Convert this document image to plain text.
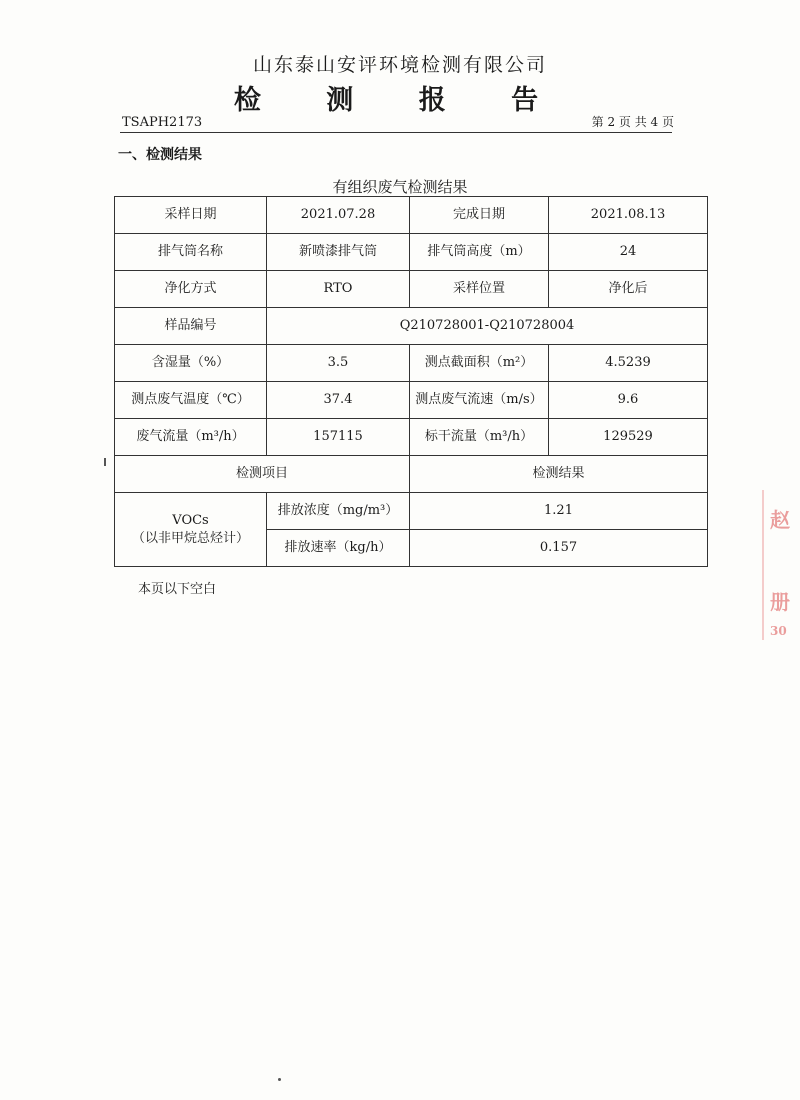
山东泰山安评环境检测有限公司
检 测 报 告
TSAPH2173	第 2 页 共 4 页
一、检测结果
有组织废气检测结果
采样日期	2021.07.28	完成日期	2021.08.13
排气筒名称	新喷漆排气筒	排气筒高度（m）	24
净化方式	RTO	采样位置	净化后
样品编号	Q210728001-Q210728004		
含湿量（%）	3.5	测点截面积（m²）	4.5239
测点废气温度（℃）	37.4	测点废气流速（m/s）	9.6
废气流量（m³/h）	157115	标干流量（m³/h）	129529
检测项目		检测结果	

VOCs
（以非甲烷总烃计）	排放浓度（mg/m³）	1.21	
	排放速率（kg/h）	0.157	
本页以下空白
赵
册
30
